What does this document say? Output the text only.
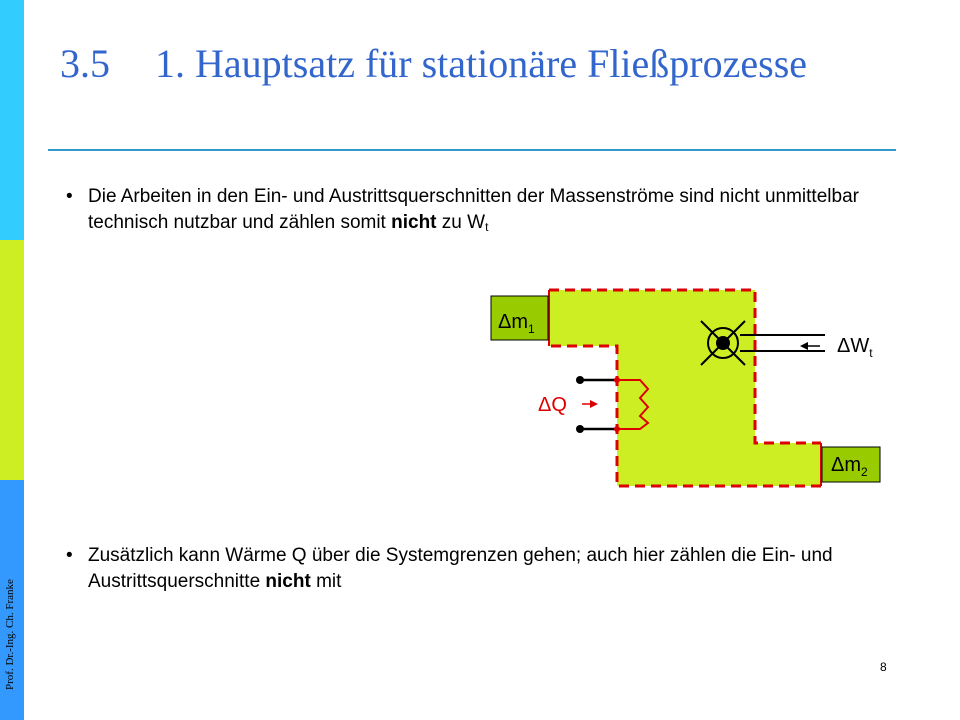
3.5 1. Hauptsatz für stationäre Fließprozesse
• Die Arbeiten in den Ein- und Austrittsquerschnitten der Massenströme sind nicht unmittelbar technisch nutzbar und zählen somit nicht zu $W_t$
$\Delta m_1$
$\Delta m_2$
$\Delta W_t$
ΔQ
• Zusätzlich kann Wärme Q über die Systemgrenzen gehen; auch hier zählen die Ein- und Austrittsquerschnitte nicht mit
Prof. Dr.-Ing. Ch. Franke	8
